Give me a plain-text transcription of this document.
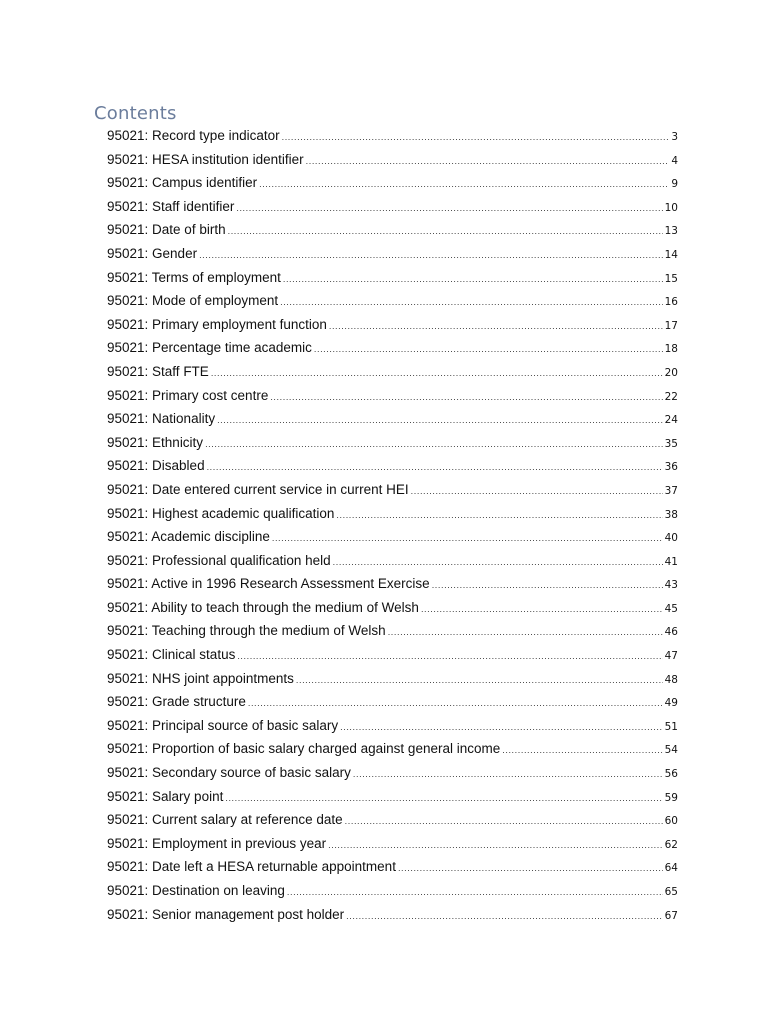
Contents
95021: Record type indicator .....	3
95021: HESA institution identifier .....	4
95021: Campus identifier .....	9
95021: Staff identifier .....	10
95021: Date of birth .....	13
95021: Gender .....	14
95021: Terms of employment .....	15
95021: Mode of employment .....	16
95021: Primary employment function .....	17
95021: Percentage time academic .....	18
95021: Staff FTE .....	20
95021: Primary cost centre .....	22
95021: Nationality .....	24
95021: Ethnicity .....	35
95021: Disabled .....	36
95021: Date entered current service in current HEI .....	37
95021: Highest academic qualification .....	38
95021: Academic discipline .....	40
95021: Professional qualification held .....	41
95021: Active in 1996 Research Assessment Exercise .....	43
95021: Ability to teach through the medium of Welsh .....	45
95021: Teaching through the medium of Welsh .....	46
95021: Clinical status .....	47
95021: NHS joint appointments .....	48
95021: Grade structure .....	49
95021: Principal source of basic salary .....	51
95021: Proportion of basic salary charged against general income .....	54
95021: Secondary source of basic salary .....	56
95021: Salary point .....	59
95021: Current salary at reference date .....	60
95021: Employment in previous year .....	62
95021: Date left a HESA returnable appointment .....	64
95021: Destination on leaving .....	65
95021: Senior management post holder .....	67
